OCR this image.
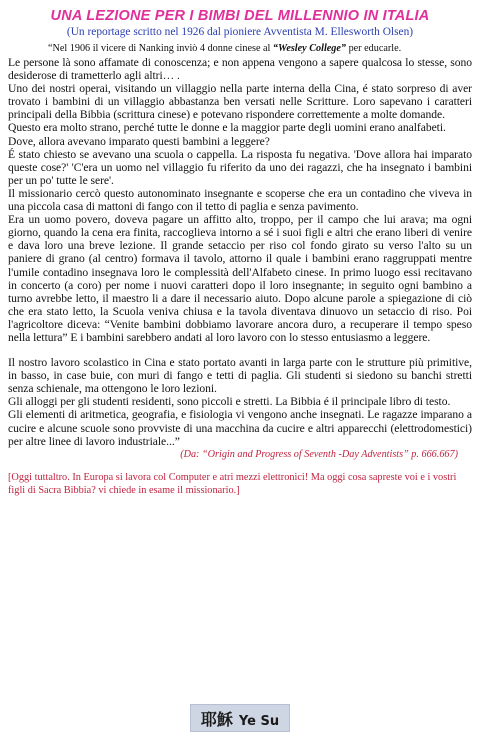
UNA LEZIONE PER I BIMBI DEL MILLENNIO IN ITALIA
(Un reportage scritto nel 1926 dal pioniere Avventista M. Ellesworth Olsen)
“Nel 1906 il vicere di Nanking inviò 4 donne cinese al “Wesley College” per educarle.

Le persone là sono affamate di conoscenza; e non appena vengono a sapere qualcosa lo stesse, sono desiderose di trametterlo agli altri… .

Uno dei nostri operai, visitando un villaggio nella parte interna della Cina, é stato sorpreso di aver trovato i bambini di un villaggio abbastanza ben versati nelle Scritture. Loro sapevano i caratteri principali della Bibbia (scrittura cinese) e potevano rispondere correttemente a molte domande.

Questo era molto strano, perché tutte le donne e la maggior parte degli uomini erano analfabeti.

Dove, allora avevano imparato questi bambini a leggere?

É stato chiesto se avevano una scuola o cappella. La risposta fu negativa. 'Dove allora hai imparato queste cose?' 'C'era un uomo nel villaggio fu riferito da uno dei ragazzi, che ha insegnato i bambini per un po' tutte le sere'.

Il missionario cercò questo autonominato insegnante e scoperse che era un contadino che viveva in una piccola casa di mattoni di fango con il tetto di paglia e senza pavimento.

Era un uomo povero, doveva pagare un affitto alto, troppo, per il campo che lui arava; ma ogni giorno, quando la cena era finita, raccoglieva intorno a sé i suoi figli e altri che erano liberi di venire e dava loro una breve lezione. Il grande setaccio per riso col fondo girato su verso l'alto su un paniere di grano (al centro) formava il tavolo, attorno il quale i bambini erano raggruppati mentre l'umile contadino insegnava loro le complessità dell'Alfabeto cinese. In primo luogo essi recitavano in concerto (a coro) per nome i nuovi caratteri dopo il loro insegnante; in seguito ogni bambino a turno avrebbe letto, il maestro li a dare il necessario aiuto. Dopo alcune parole a spiegazione di ciò che era stato letto, la Scuola veniva chiusa e la tavola diventava dinuovo un setaccio di riso. Poi l'agricoltore diceva: “Venite bambini dobbiamo lavorare ancora duro, a recuperare il tempo speso nella lettura” E i bambini sarebbero andati al loro lavoro con lo stesso entusiasmo a leggere.

Il nostro lavoro scolastico in Cina e stato portato avanti in larga parte con le strutture più primitive, in basso, in case buie, con muri di fango e tetti di paglia. Gli studenti si siedono su banchi stretti senza schienale, ma ottengono le loro lezioni.

Gli alloggi per gli studenti residenti, sono piccoli e stretti. La Bibbia é il principale libro di testo.

Gli elementi di aritmetica, geografia, e fisiologia vi vengono anche insegnati. Le ragazze imparano a cucire e alcune scuole sono provviste di una macchina da cucire e altri apparecchi (elettrodomestici) per altre linee di lavoro industriale...”

(Da: “Origin and Progress of Seventh -Day Adventists” p. 666.667)
[Oggi tuttaltro. In Europa si lavora col Computer e atri mezzi elettronici! Ma oggi cosa sapreste voi e i vostri figli di Sacra Bibbia? vi chiede in esame il missionario.]
耶穌 Ye Su
